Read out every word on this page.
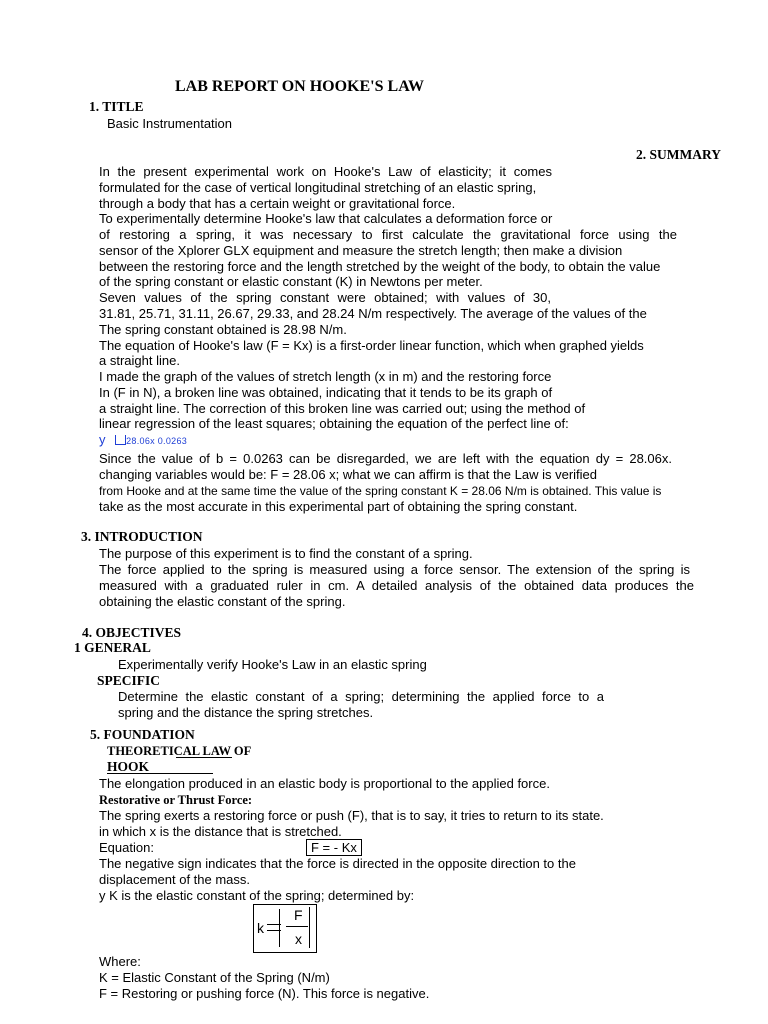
LAB REPORT ON HOOKE'S LAW
1. TITLE
Basic Instrumentation
2. SUMMARY
In the present experimental work on Hooke's Law of elasticity; it comes
formulated for the case of vertical longitudinal stretching of an elastic spring,
through a body that has a certain weight or gravitational force.
To experimentally determine Hooke's law that calculates a deformation force or
of restoring a spring, it was necessary to first calculate the gravitational force using the
sensor of the Xplorer GLX equipment and measure the stretch length; then make a division
between the restoring force and the length stretched by the weight of the body, to obtain the value
of the spring constant or elastic constant (K) in Newtons per meter.
Seven values of the spring constant were obtained; with values of 30,
31.81, 25.71, 31.11, 26.67, 29.33, and 28.24 N/m respectively. The average of the values of the
The spring constant obtained is 28.98 N/m.
The equation of Hooke's law (F = Kx) is a first-order linear function, which when graphed yields
a straight line.
I made the graph of the values of stretch length (x in m) and the restoring force
In (F in N), a broken line was obtained, indicating that it tends to be its graph of
a straight line. The correction of this broken line was carried out; using the method of
linear regression of the least squares; obtaining the equation of the perfect line of:
y 28.06x 0.0263
Since the value of b = 0.0263 can be disregarded, we are left with the equation dy = 28.06x.
changing variables would be: F = 28.06 x; what we can affirm is that the Law is verified
from Hooke and at the same time the value of the spring constant K = 28.06 N/m is obtained. This value is
take as the most accurate in this experimental part of obtaining the spring constant.
3. INTRODUCTION
The purpose of this experiment is to find the constant of a spring.
The force applied to the spring is measured using a force sensor. The extension of the spring is
measured with a graduated ruler in cm. A detailed analysis of the obtained data produces the
obtaining the elastic constant of the spring.
4. OBJECTIVES
1 GENERAL
Experimentally verify Hooke's Law in an elastic spring
SPECIFIC
Determine the elastic constant of a spring; determining the applied force to a
spring and the distance the spring stretches.
5. FOUNDATION
THEORETICAL LAW OF
HOOK
The elongation produced in an elastic body is proportional to the applied force.
Restorative or Thrust Force:
The spring exerts a restoring force or push (F), that is to say, it tries to return to its state.
in which x is the distance that is stretched.
Equation:	F = - Kx
The negative sign indicates that the force is directed in the opposite direction to the
displacement of the mass.
y K is the elastic constant of the spring; determined by:
k
F
x
Where:
K = Elastic Constant of the Spring (N/m)
F = Restoring or pushing force (N). This force is negative.
